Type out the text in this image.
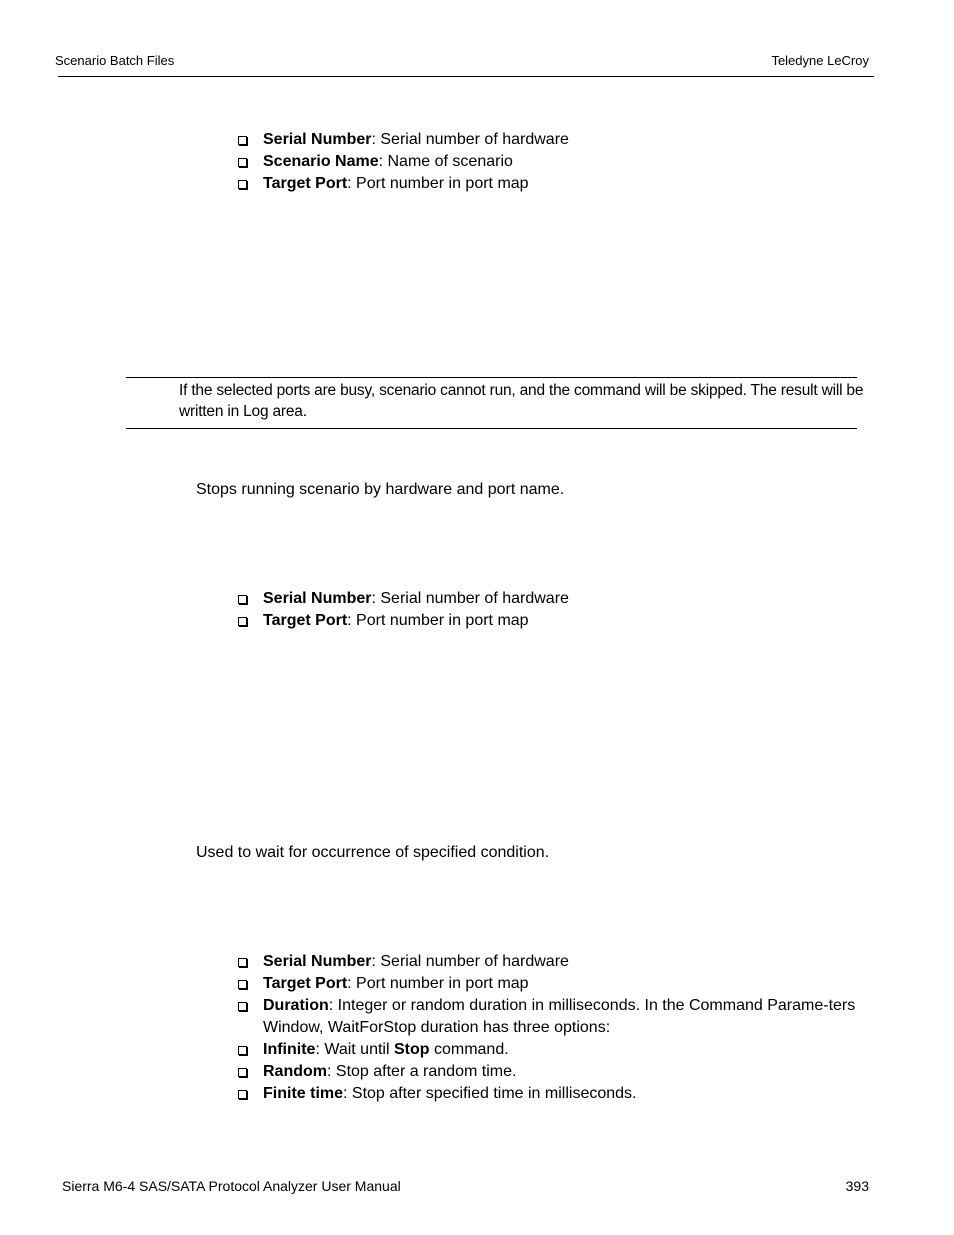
Scenario Batch Files	Teledyne LeCroy
Serial Number: Serial number of hardware
Scenario Name: Name of scenario
Target Port: Port number in port map
If the selected ports are busy, scenario cannot run, and the command will be skipped. The result will be written in Log area.
Stops running scenario by hardware and port name.
Serial Number: Serial number of hardware
Target Port: Port number in port map
Used to wait for occurrence of specified condition.
Serial Number: Serial number of hardware
Target Port: Port number in port map
Duration: Integer or random duration in milliseconds. In the Command Parame-ters Window, WaitForStop duration has three options:
Infinite: Wait until Stop command.
Random: Stop after a random time.
Finite time: Stop after specified time in milliseconds.
Sierra M6-4 SAS/SATA Protocol Analyzer User Manual	393
